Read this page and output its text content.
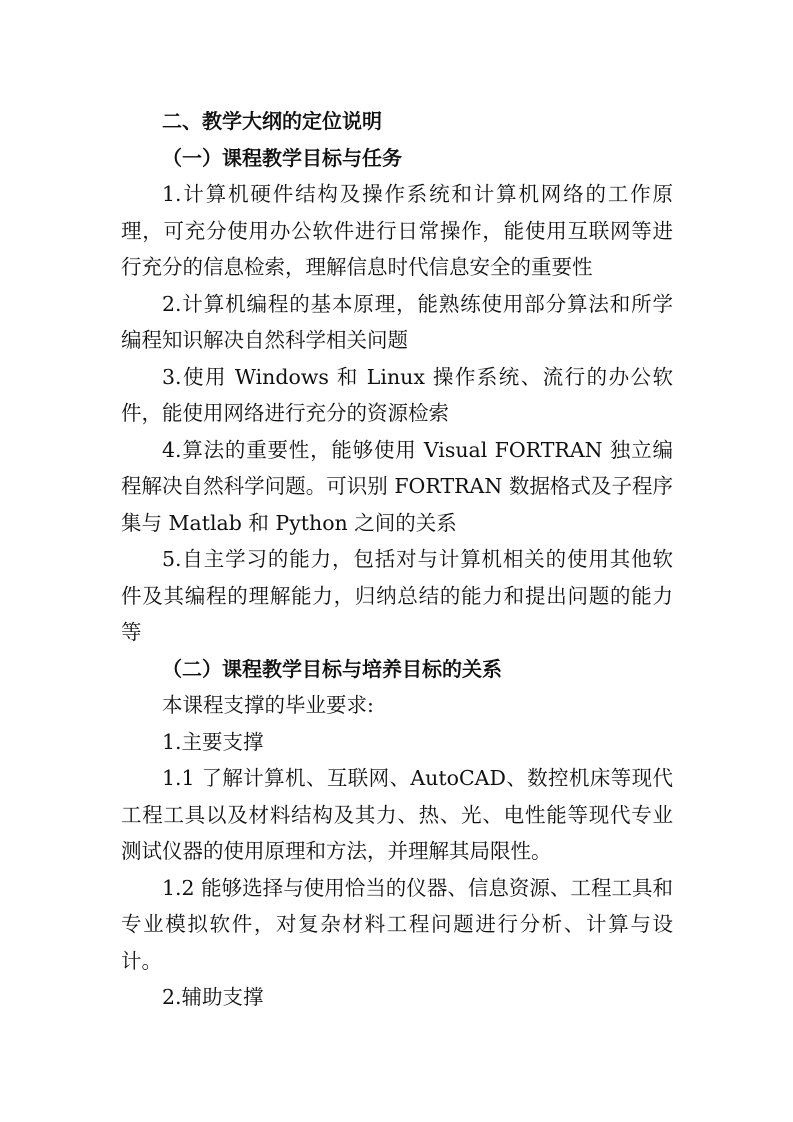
二、教学大纲的定位说明

（一）课程教学目标与任务

1.计算机硬件结构及操作系统和计算机网络的工作原理，可充分使用办公软件进行日常操作，能使用互联网等进行充分的信息检索，理解信息时代信息安全的重要性

2.计算机编程的基本原理，能熟练使用部分算法和所学编程知识解决自然科学相关问题

3.使用 Windows 和 Linux 操作系统、流行的办公软件，能使用网络进行充分的资源检索

4.算法的重要性，能够使用 Visual FORTRAN 独立编程解决自然科学问题。可识别 FORTRAN 数据格式及子程序集与 Matlab 和 Python 之间的关系

5.自主学习的能力，包括对与计算机相关的使用其他软件及其编程的理解能力，归纳总结的能力和提出问题的能力等

（二）课程教学目标与培养目标的关系

本课程支撑的毕业要求:

1.主要支撑

1.1 了解计算机、互联网、AutoCAD、数控机床等现代工程工具以及材料结构及其力、热、光、电性能等现代专业测试仪器的使用原理和方法，并理解其局限性。

1.2 能够选择与使用恰当的仪器、信息资源、工程工具和专业模拟软件，对复杂材料工程问题进行分析、计算与设计。

2.辅助支撑
